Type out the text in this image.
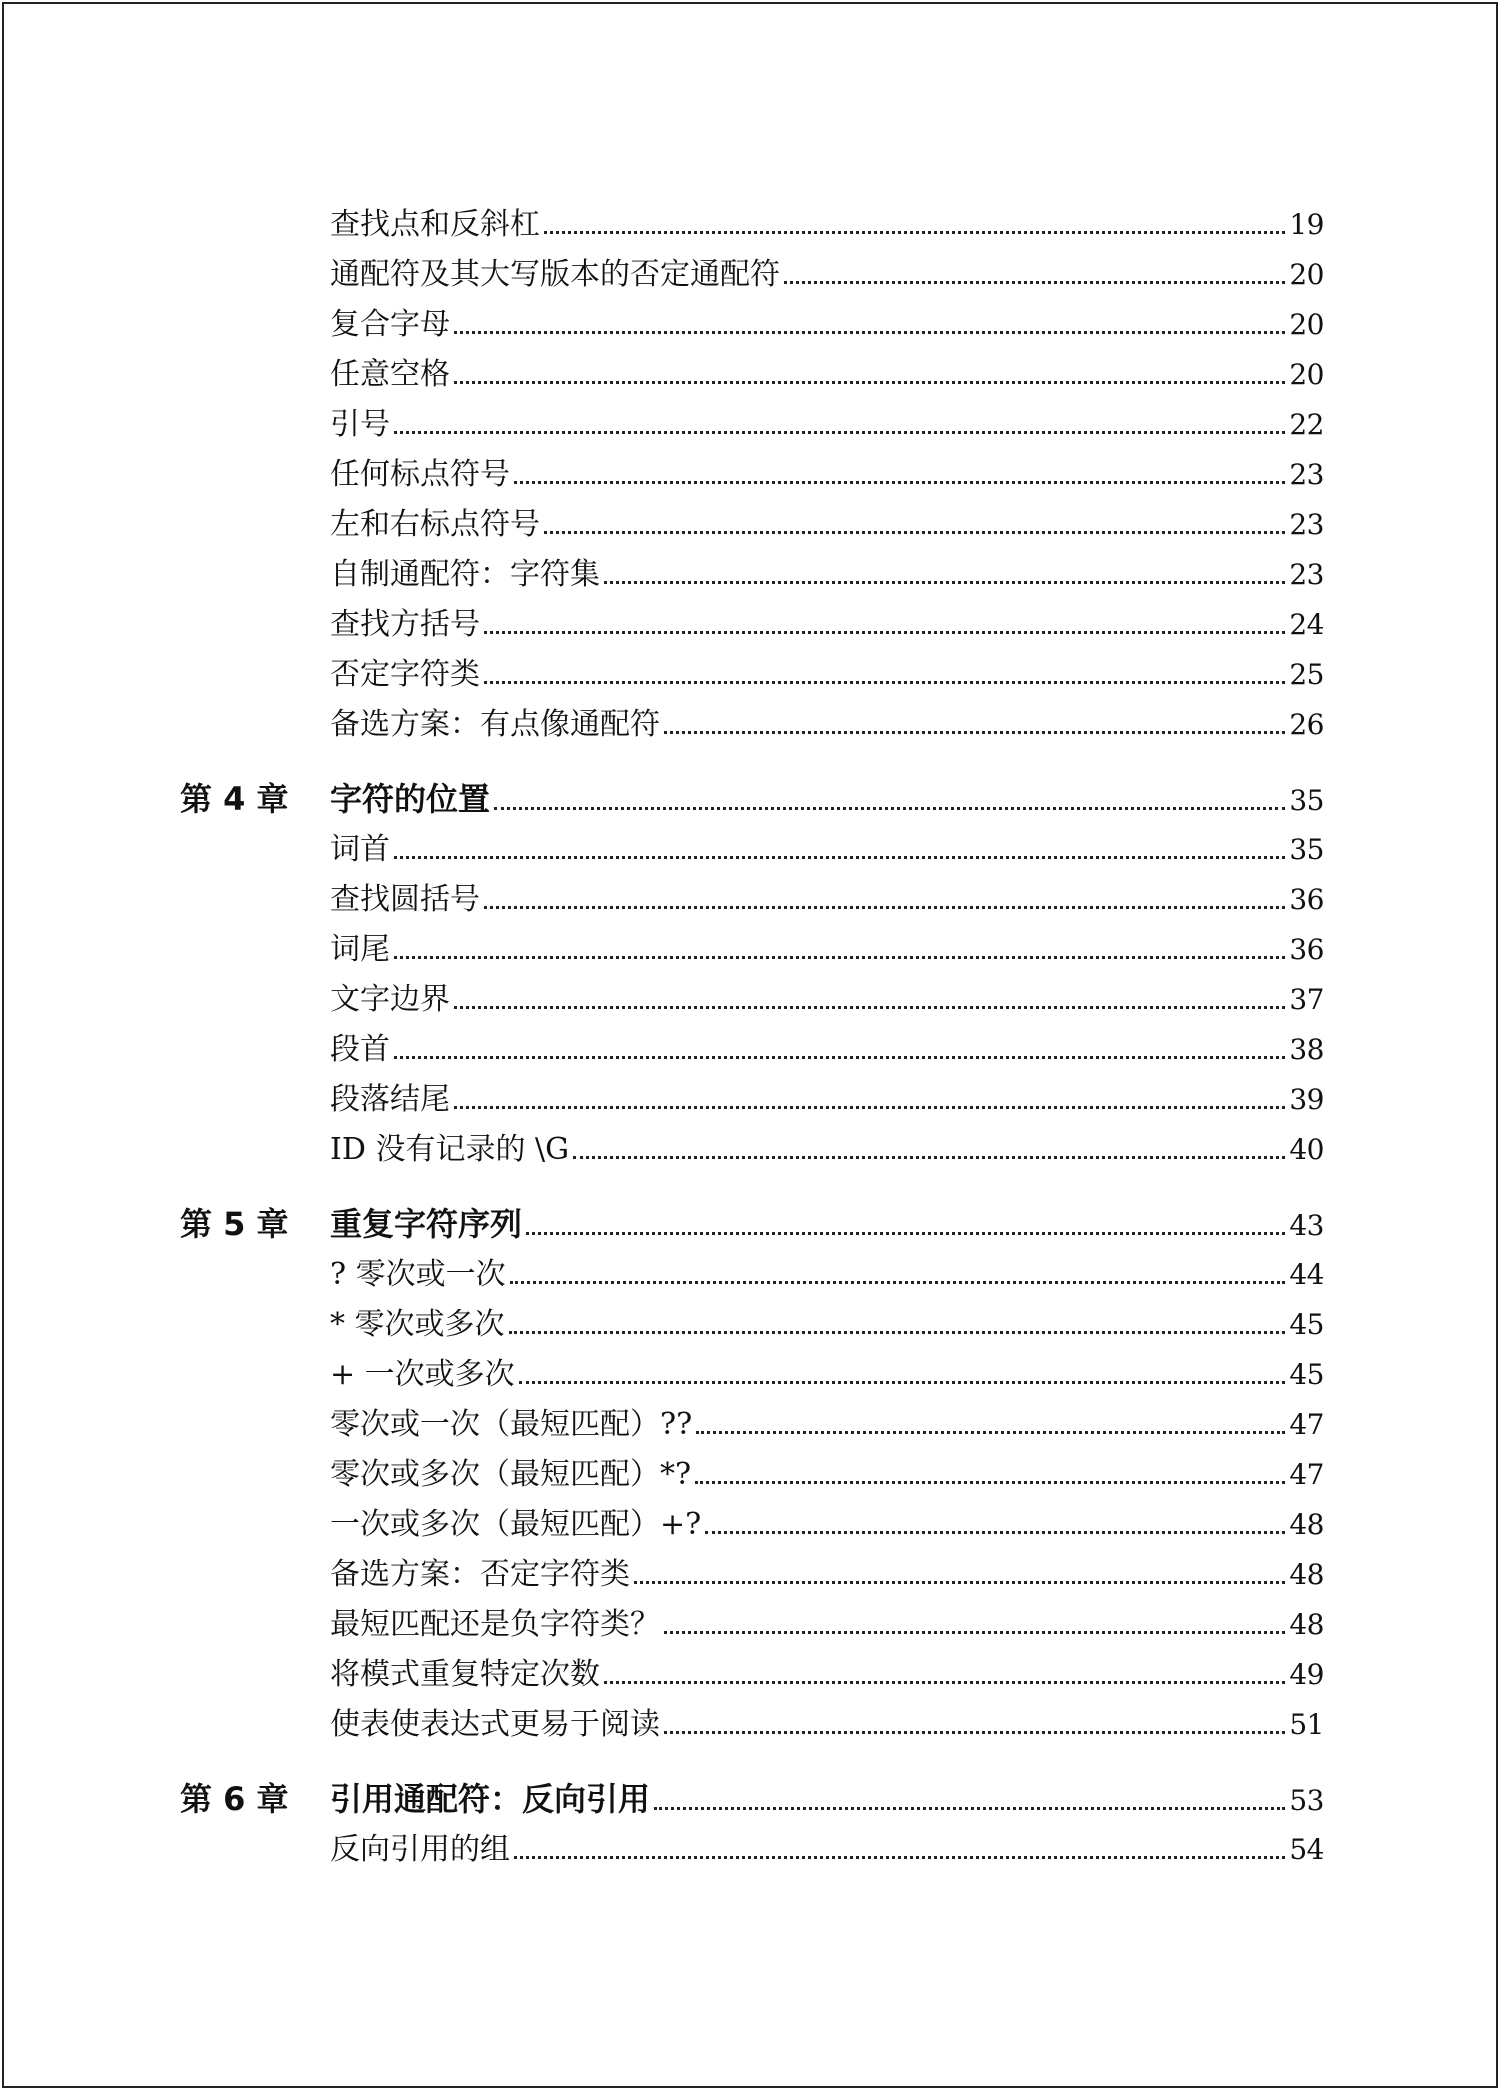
查找点和反斜杠	19
通配符及其大写版本的否定通配符	20
复合字母	20
任意空格	20
引号	22
任何标点符号	23
左和右标点符号	23
自制通配符：字符集	23
查找方括号	24
否定字符类	25
备选方案：有点像通配符	26
第 4 章 字符的位置	35
词首	35
查找圆括号	36
词尾	36
文字边界	37
段首	38
段落结尾	39
ID 没有记录的 \G	40
第 5 章 重复字符序列	43
? 零次或一次	44
* 零次或多次	45
+ 一次或多次	45
零次或一次（最短匹配）??	47
零次或多次（最短匹配）*?	47
一次或多次（最短匹配）+?	48
备选方案：否定字符类	48
最短匹配还是负字符类？	48
将模式重复特定次数	49
使表使表达式更易于阅读	51
第 6 章 引用通配符：反向引用	53
反向引用的组	54
